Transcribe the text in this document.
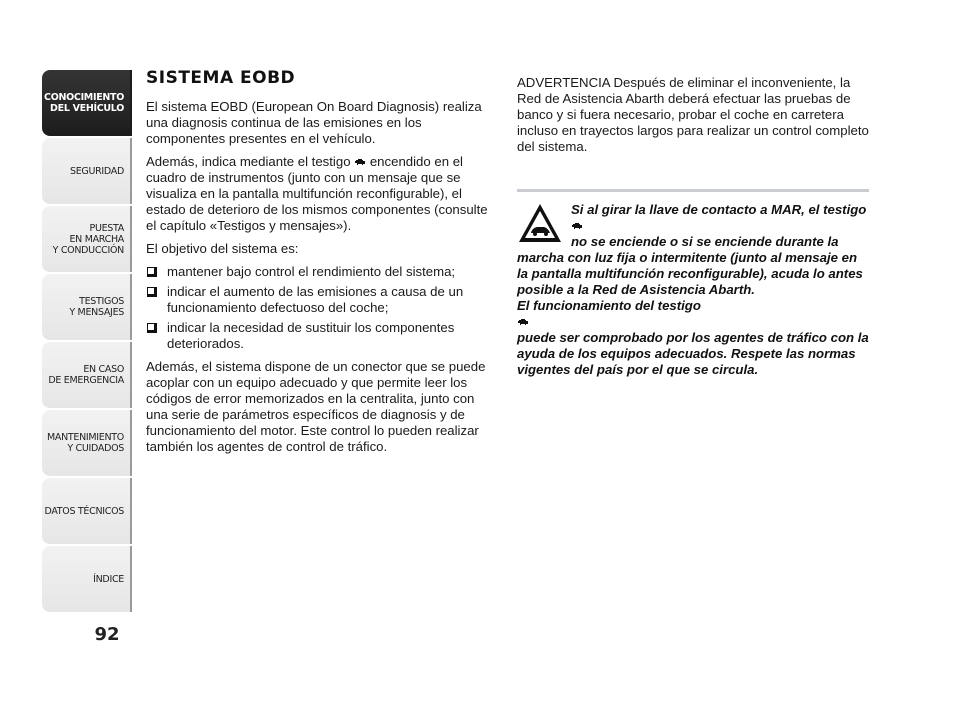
CONOCIMIENTO
DEL VEHÍCULO
SEGURIDAD
PUESTA
EN MARCHA
Y CONDUCCIÓN
TESTIGOS
Y MENSAJES
EN CASO
DE EMERGENCIA
MANTENIMIENTO
Y CUIDADOS
DATOS TÉCNICOS
ÍNDICE
92
SISTEMA EOBD

El sistema EOBD (European On Board Diagnosis) realiza una diagnosis continua de las emisiones en los componentes presentes en el vehículo.

Además, indica mediante el testigo  encendido en el cuadro de instrumentos (junto con un mensaje que se visualiza en la pantalla multifunción reconfigurable), el estado de deterioro de los mismos componentes (consulte el capítulo «Testigos y mensajes»).

El objetivo del sistema es:

mantener bajo control el rendimiento del sistema;
indicar el aumento de las emisiones a causa de un funcionamiento defectuoso del coche;
indicar la necesidad de sustituir los componentes deteriorados.

Además, el sistema dispone de un conector que se puede acoplar con un equipo adecuado y que permite leer los códigos de error memorizados en la centralita, junto con una serie de parámetros específicos de diagnosis y de funcionamiento del motor. Este control lo pueden realizar también los agentes de control de tráfico.

ADVERTENCIA Después de eliminar el inconveniente, la Red de Asistencia Abarth deberá efectuar las pruebas de banco y si fuera necesario, probar el coche en carretera incluso en trayectos largos para realizar un control completo del sistema.

Si al girar la llave de contacto a MAR, el testigo
no se enciende o si se enciende durante la marcha con luz fija o intermitente (junto al mensaje en la pantalla multifunción reconfigurable), acuda lo antes posible a la Red de Asistencia Abarth.
El funcionamiento del testigo
puede ser comprobado por los agentes de tráfico con la ayuda de los equipos adecuados. Respete las normas vigentes del país por el que se circula.
